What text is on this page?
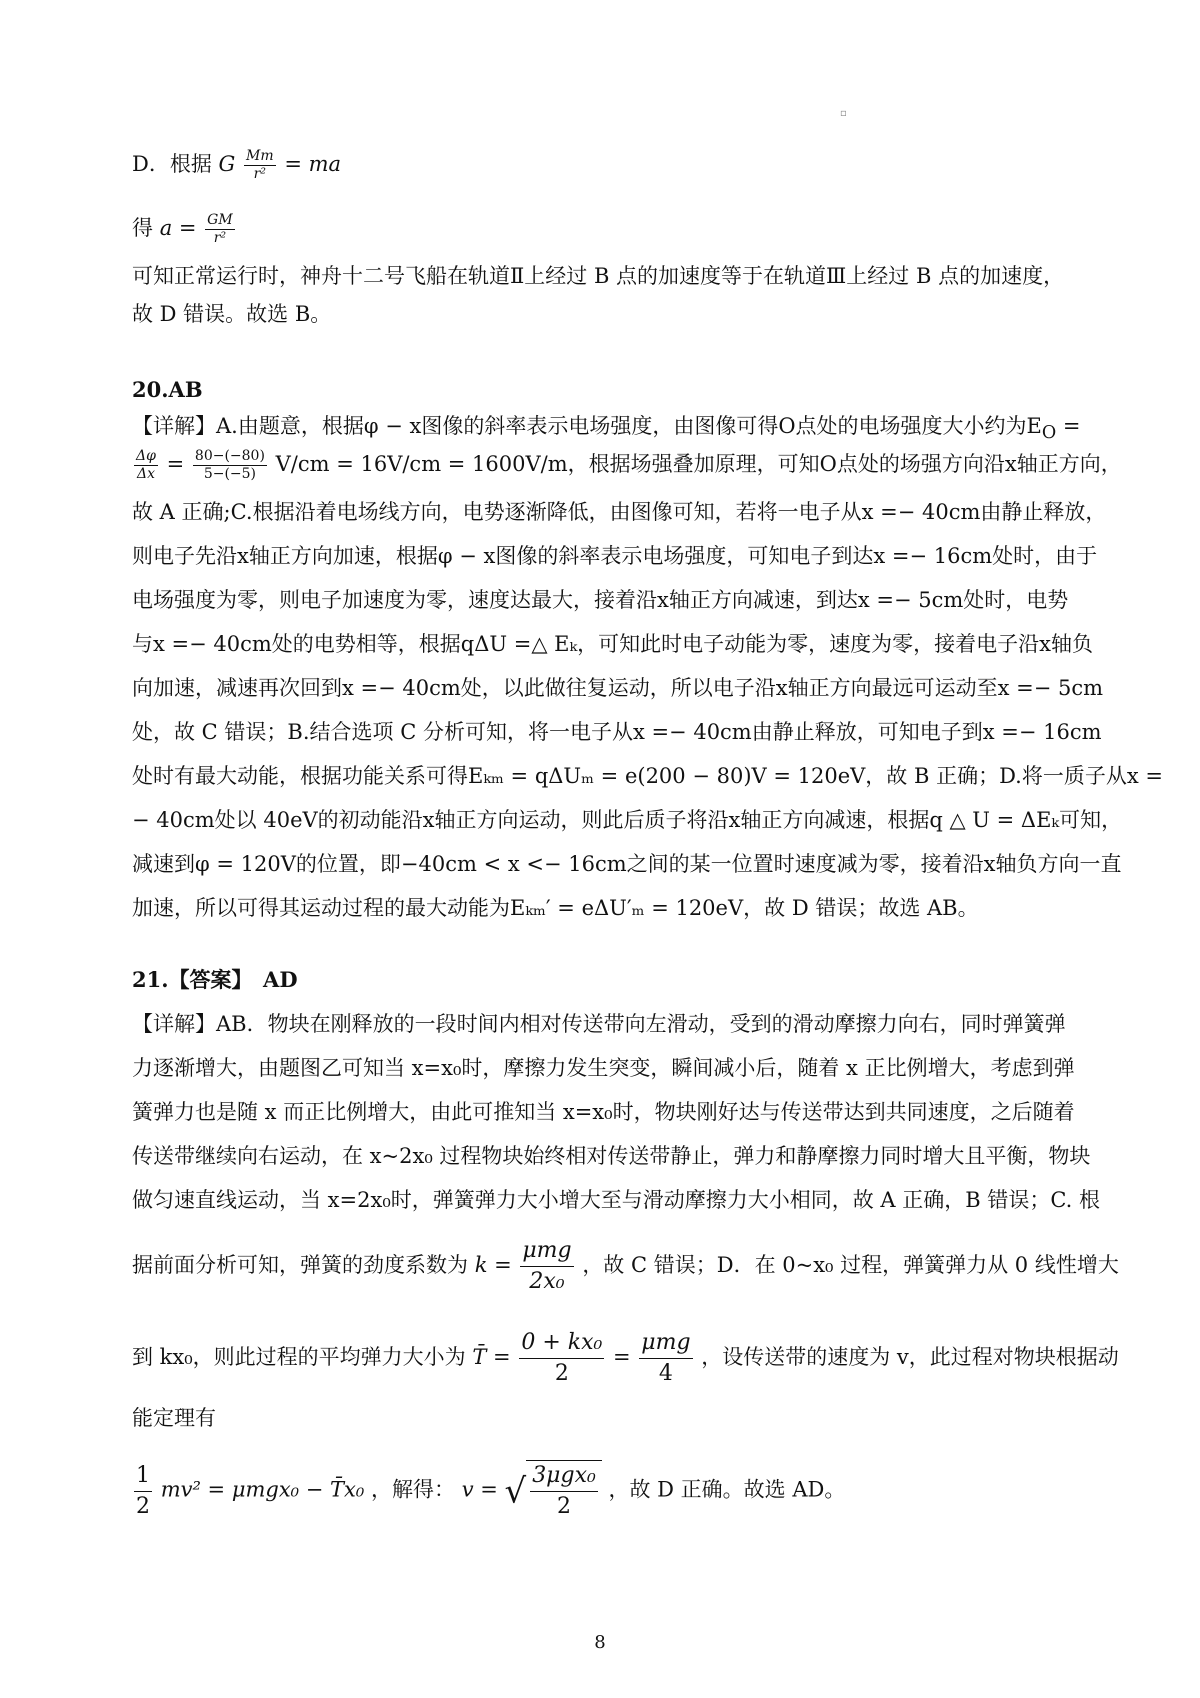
▫
D．根据 G $\frac{Mm}{\text{r²}}$ = ma
得 $a = \frac{GM}{\text{r²}}$
可知正常运行时，神舟十二号飞船在轨道Ⅱ上经过 B 点的加速度等于在轨道Ⅲ上经过 B 点的加速度，
故 D 错误。故选 B。
20.AB
【详解】A.由题意，根据φ − x图像的斜率表示电场强度，由图像可得O点处的电场强度大小约为$E_O$ =
$\frac{\Delta\varphi}{\Delta x} = \frac{80-(-80)}{5-(-5)} V/cm = 16V/cm = 1600V/m$，根据场强叠加原理，可知O点处的场强方向沿x轴正方向，
故 A 正确;C.根据沿着电场线方向，电势逐渐降低，由图像可知，若将一电子从x =− 40cm由静止释放，
则电子先沿x轴正方向加速，根据φ − x图像的斜率表示电场强度，可知电子到达x =− 16cm处时，由于
电场强度为零，则电子加速度为零，速度达最大，接着沿x轴正方向减速，到达x =− 5cm处时，电势
与x =− 40cm处的电势相等，根据qΔU =△ Eₖ，可知此时电子动能为零，速度为零，接着电子沿x轴负
向加速，减速再次回到x =− 40cm处，以此做往复运动，所以电子沿x轴正方向最远可运动至x =− 5cm
处，故 C 错误；B.结合选项 C 分析可知，将一电子从x =− 40cm由静止释放，可知电子到x =− 16cm
处时有最大动能，根据功能关系可得Eₖₘ = qΔUₘ = e(200 − 80)V = 120eV，故 B 正确；D.将一质子从x =
− 40cm处以 40eV的初动能沿x轴正方向运动，则此后质子将沿x轴正方向减速，根据q △ U = ΔEₖ可知，
减速到φ = 120V的位置，即−40cm < x <− 16cm之间的某一位置时速度减为零，接着沿x轴负方向一直
加速，所以可得其运动过程的最大动能为Eₖₘ′ = eΔU′ₘ = 120eV，故 D 错误；故选 AB。
21.【答案】　AD
【详解】AB．物块在刚释放的一段时间内相对传送带向左滑动，受到的滑动摩擦力向右，同时弹簧弹
力逐渐增大，由题图乙可知当 x=x₀时，摩擦力发生突变，瞬间减小后，随着 x 正比例增大，考虑到弹
簧弹力也是随 x 而正比例增大，由此可推知当 x=x₀时，物块刚好达与传送带达到共同速度，之后随着
传送带继续向右运动，在 x~2x₀ 过程物块始终相对传送带静止，弹力和静摩擦力同时增大且平衡，物块
做匀速直线运动，当 x=2x₀时，弹簧弹力大小增大至与滑动摩擦力大小相同，故 A 正确，B 错误；C. 根
据前面分析可知，弹簧的劲度系数为 $k = \frac{\text{μmg}}{\text{2x₀}}$ ，故 C 错误；D．在 0~x₀ 过程，弹簧弹力从 0 线性增大
到 kx₀，则此过程的平均弹力大小为 T̄ = $\frac{\text{0 + kx₀}}{2} = \frac{\text{μmg}}{4}$ ，设传送带的速度为 v，此过程对物块根据动
能定理有
$\frac{1}{2} mv^2 = \mu mgx_0$ − T̄x₀ ，解得： v = √ $\frac{\text{3μgx₀}}{2}$ ，故 D 正确。故选 AD。
8
